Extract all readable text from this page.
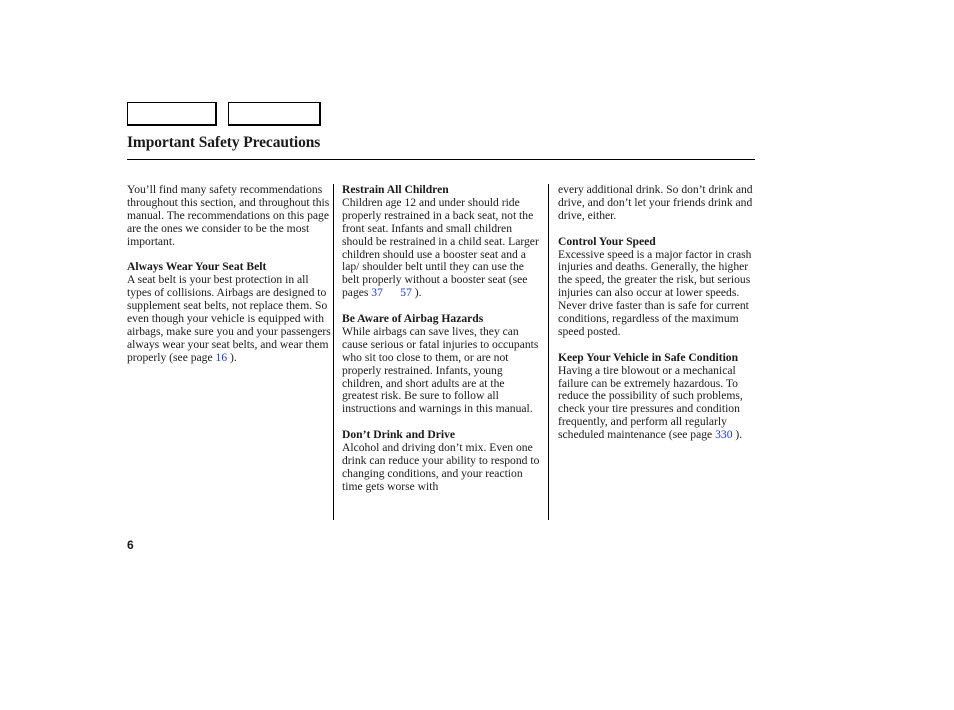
Important Safety Precautions

You’ll find many safety recommendations throughout this section, and throughout this manual. The recommendations on this page are the ones we consider to be the most important.

Always Wear Your Seat Belt
A seat belt is your best protection in all types of collisions. Airbags are designed to supplement seat belts, not replace them. So even though your vehicle is equipped with airbags, make sure you and your passengers always wear your seat belts, and wear them properly (see page 16 ).

Restrain All Children
Children age 12 and under should ride properly restrained in a back seat, not the front seat. Infants and small children should be restrained in a child seat. Larger children should use a booster seat and a lap/ shoulder belt until they can use the belt properly without a booster seat (see pages 37 57 ).

Be Aware of Airbag Hazards
While airbags can save lives, they can cause serious or fatal injuries to occupants who sit too close to them, or are not properly restrained. Infants, young children, and short adults are at the greatest risk. Be sure to follow all instructions and warnings in this manual.

Don’t Drink and Drive
Alcohol and driving don’t mix. Even one drink can reduce your ability to respond to changing conditions, and your reaction time gets worse with

every additional drink. So don’t drink and drive, and don’t let your friends drink and drive, either.

Control Your Speed
Excessive speed is a major factor in crash injuries and deaths. Generally, the higher the speed, the greater the risk, but serious injuries can also occur at lower speeds. Never drive faster than is safe for current conditions, regardless of the maximum speed posted.

Keep Your Vehicle in Safe Condition
Having a tire blowout or a mechanical failure can be extremely hazardous. To reduce the possibility of such problems, check your tire pressures and condition frequently, and perform all regularly scheduled maintenance (see page 330 ).

6
